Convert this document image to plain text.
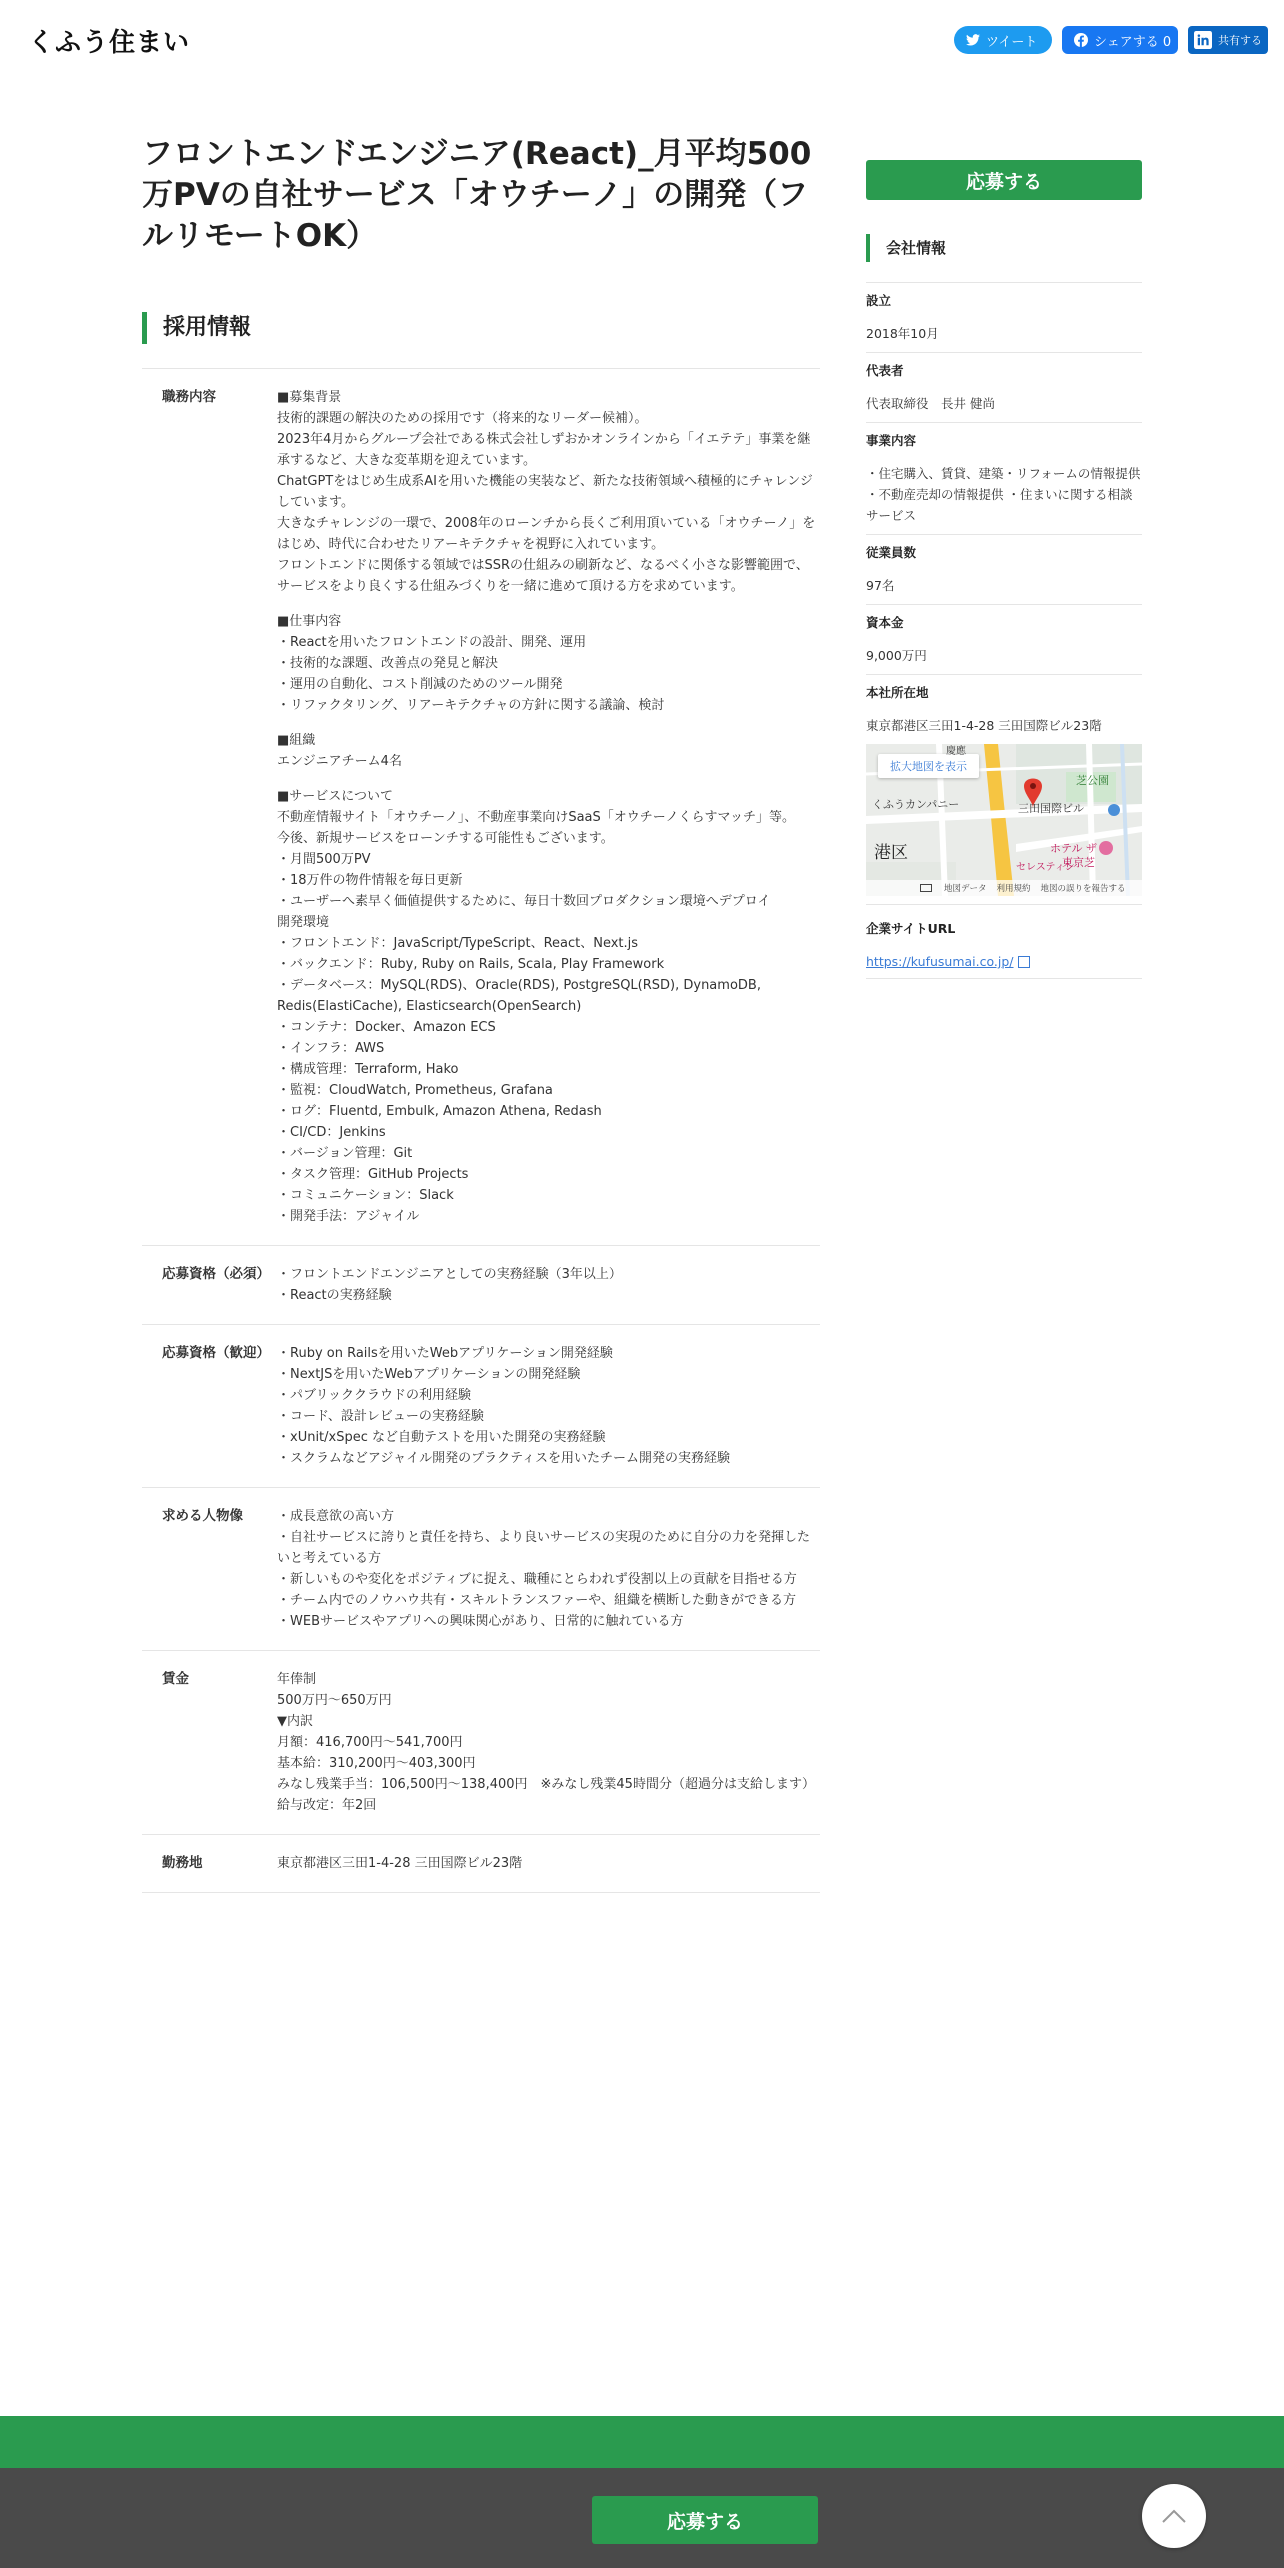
くふう住まい	ツイート	シェアする 0	共有する
フロントエンドエンジニア(React)_月平均500万PVの自社サービス「オウチーノ」の開発（フルリモートOK）
採用情報
職務内容	■募集背景
技術的課題の解決のための採用です（将来的なリーダー候補）。
2023年4月からグループ会社である株式会社しずおかオンラインから「イエテテ」事業を継承するなど、大きな変革期を迎えています。
ChatGPTをはじめ生成系AIを用いた機能の実装など、新たな技術領域へ積極的にチャレンジしています。
大きなチャレンジの一環で、2008年のローンチから長くご利用頂いている「オウチーノ」をはじめ、時代に合わせたリアーキテクチャを視野に入れています。
フロントエンドに関係する領域ではSSRの仕組みの刷新など、なるべく小さな影響範囲で、サービスをより良くする仕組みづくりを一緒に進めて頂ける方を求めています。
■仕事内容
・Reactを用いたフロントエンドの設計、開発、運用
・技術的な課題、改善点の発見と解決
・運用の自動化、コスト削減のためのツール開発
・リファクタリング、リアーキテクチャの方針に関する議論、検討
■組織
エンジニアチーム4名
■サービスについて
不動産情報サイト「オウチーノ」、不動産事業向けSaaS「オウチーノくらすマッチ」等。
今後、新規サービスをローンチする可能性もございます。
・月間500万PV
・18万件の物件情報を毎日更新
・ユーザーへ素早く価値提供するために、毎日十数回プロダクション環境へデプロイ
開発環境
・フロントエンド：JavaScript/TypeScript、React、Next.js
・バックエンド：Ruby, Ruby on Rails, Scala, Play Framework
・データベース：MySQL(RDS)、Oracle(RDS), PostgreSQL(RSD), DynamoDB, Redis(ElastiCache), Elasticsearch(OpenSearch)
・コンテナ：Docker、Amazon ECS
・インフラ：AWS
・構成管理：Terraform, Hako
・監視：CloudWatch, Prometheus, Grafana
・ログ：Fluentd, Embulk, Amazon Athena, Redash
・CI/CD：Jenkins
・バージョン管理：Git
・タスク管理：GitHub Projects
・コミュニケーション：Slack
・開発手法：アジャイル
応募資格（必須） ・フロントエンドエンジニアとしての実務経験（3年以上）
・Reactの実務経験
応募資格（歓迎） ・Ruby on Railsを用いたWebアプリケーション開発経験
・NextJSを用いたWebアプリケーションの開発経験
・パブリッククラウドの利用経験
・コード、設計レビューの実務経験
・xUnit/xSpec など自動テストを用いた開発の実務経験
・スクラムなどアジャイル開発のプラクティスを用いたチーム開発の実務経験
求める人物像	・成長意欲の高い方
・自社サービスに誇りと責任を持ち、より良いサービスの実現のために自分の力を発揮したいと考えている方
・新しいものや変化をポジティブに捉え、職種にとらわれず役割以上の貢献を目指せる方
・チーム内でのノウハウ共有・スキルトランスファーや、組織を横断した動きができる方
・WEBサービスやアプリへの興味関心があり、日常的に触れている方
賃金	年俸制
500万円〜650万円
▼内訳
月額：416,700円〜541,700円
基本給：310,200円〜403,300円
みなし残業手当：106,500円〜138,400円　※みなし残業45時間分（超過分は支給します）
給与改定：年2回
勤務地	東京都港区三田1-4-28 三田国際ビル23階
応募する
会社情報
設立
2018年10月
代表者
代表取締役　長井 健尚
事業内容
・住宅購入、賃貸、建築・リフォームの情報提供 ・不動産売却の情報提供 ・住まいに関する相談サービス
従業員数
97名
資本金
9,000万円
本社所在地
東京都港区三田1-4-28 三田国際ビル23階
拡大地図を表示
くふうカンパニー	三田国際ビル
港区
芝公園
ホテル ザ
東京芝
セレスティン
慶應
地図データ 利用規約 地図の誤りを報告する
企業サイトURL
https://kufusumai.co.jp/
応募する
